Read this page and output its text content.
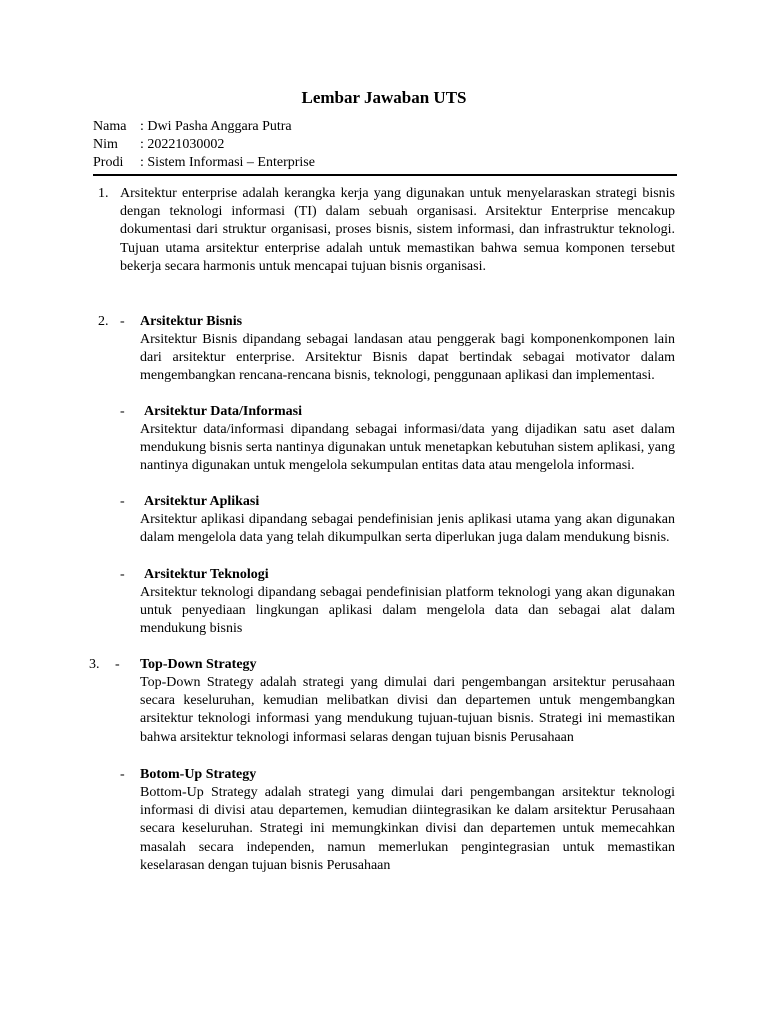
Lembar Jawaban UTS
Nama : Dwi Pasha Anggara Putra
Nim : 20221030002
Prodi : Sistem Informasi – Enterprise
1. Arsitektur enterprise adalah kerangka kerja yang digunakan untuk menyelaraskan strategi bisnis dengan teknologi informasi (TI) dalam sebuah organisasi. Arsitektur Enterprise mencakup dokumentasi dari struktur organisasi, proses bisnis, sistem informasi, dan infrastruktur teknologi. Tujuan utama arsitektur enterprise adalah untuk memastikan bahwa semua komponen tersebut bekerja secara harmonis untuk mencapai tujuan bisnis organisasi.
2. - Arsitektur Bisnis
Arsitektur Bisnis dipandang sebagai landasan atau penggerak bagi komponenkomponen lain dari arsitektur enterprise. Arsitektur Bisnis dapat bertindak sebagai motivator dalam mengembangkan rencana-rencana bisnis, teknologi, penggunaan aplikasi dan implementasi.
- Arsitektur Data/Informasi
Arsitektur data/informasi dipandang sebagai informasi/data yang dijadikan satu aset dalam mendukung bisnis serta nantinya digunakan untuk menetapkan kebutuhan sistem aplikasi, yang nantinya digunakan untuk mengelola sekumpulan entitas data atau mengelola informasi.
- Arsitektur Aplikasi
Arsitektur aplikasi dipandang sebagai pendefinisian jenis aplikasi utama yang akan digunakan dalam mengelola data yang telah dikumpulkan serta diperlukan juga dalam mendukung bisnis.
- Arsitektur Teknologi
Arsitektur teknologi dipandang sebagai pendefinisian platform teknologi yang akan digunakan untuk penyediaan lingkungan aplikasi dalam mengelola data dan sebagai alat dalam mendukung bisnis
3. - Top-Down Strategy
Top-Down Strategy adalah strategi yang dimulai dari pengembangan arsitektur perusahaan secara keseluruhan, kemudian melibatkan divisi dan departemen untuk mengembangkan arsitektur teknologi informasi yang mendukung tujuan-tujuan bisnis. Strategi ini memastikan bahwa arsitektur teknologi informasi selaras dengan tujuan bisnis Perusahaan
- Botom-Up Strategy
Bottom-Up Strategy adalah strategi yang dimulai dari pengembangan arsitektur teknologi informasi di divisi atau departemen, kemudian diintegrasikan ke dalam arsitektur Perusahaan secara keseluruhan. Strategi ini memungkinkan divisi dan departemen untuk memecahkan masalah secara independen, namun memerlukan pengintegrasian untuk memastikan keselarasan dengan tujuan bisnis Perusahaan
